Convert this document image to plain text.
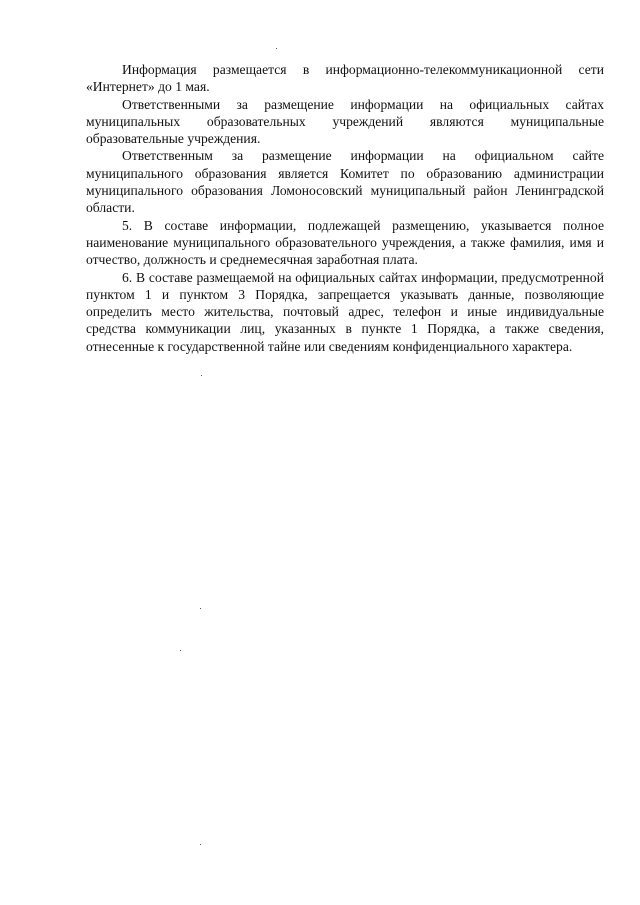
Информация размещается в информационно-телекоммуникационной сети «Интернет» до 1 мая.

Ответственными за размещение информации на официальных сайтах муниципальных образовательных учреждений являются муниципальные образовательные учреждения.

Ответственным за размещение информации на официальном сайте муниципального образования является Комитет по образованию администрации муниципального образования Ломоносовский муниципальный район Ленинградской области.

5. В составе информации, подлежащей размещению, указывается полное наименование муниципального образовательного учреждения, а также фамилия, имя и отчество, должность и среднемесячная заработная плата.

6. В составе размещаемой на официальных сайтах информации, предусмотренной пунктом 1 и пунктом 3 Порядка, запрещается указывать данные, позволяющие определить место жительства, почтовый адрес, телефон и иные индивидуальные средства коммуникации лиц, указанных в пункте 1 Порядка, а также сведения, отнесенные к государственной тайне или сведениям конфиденциального характера.
